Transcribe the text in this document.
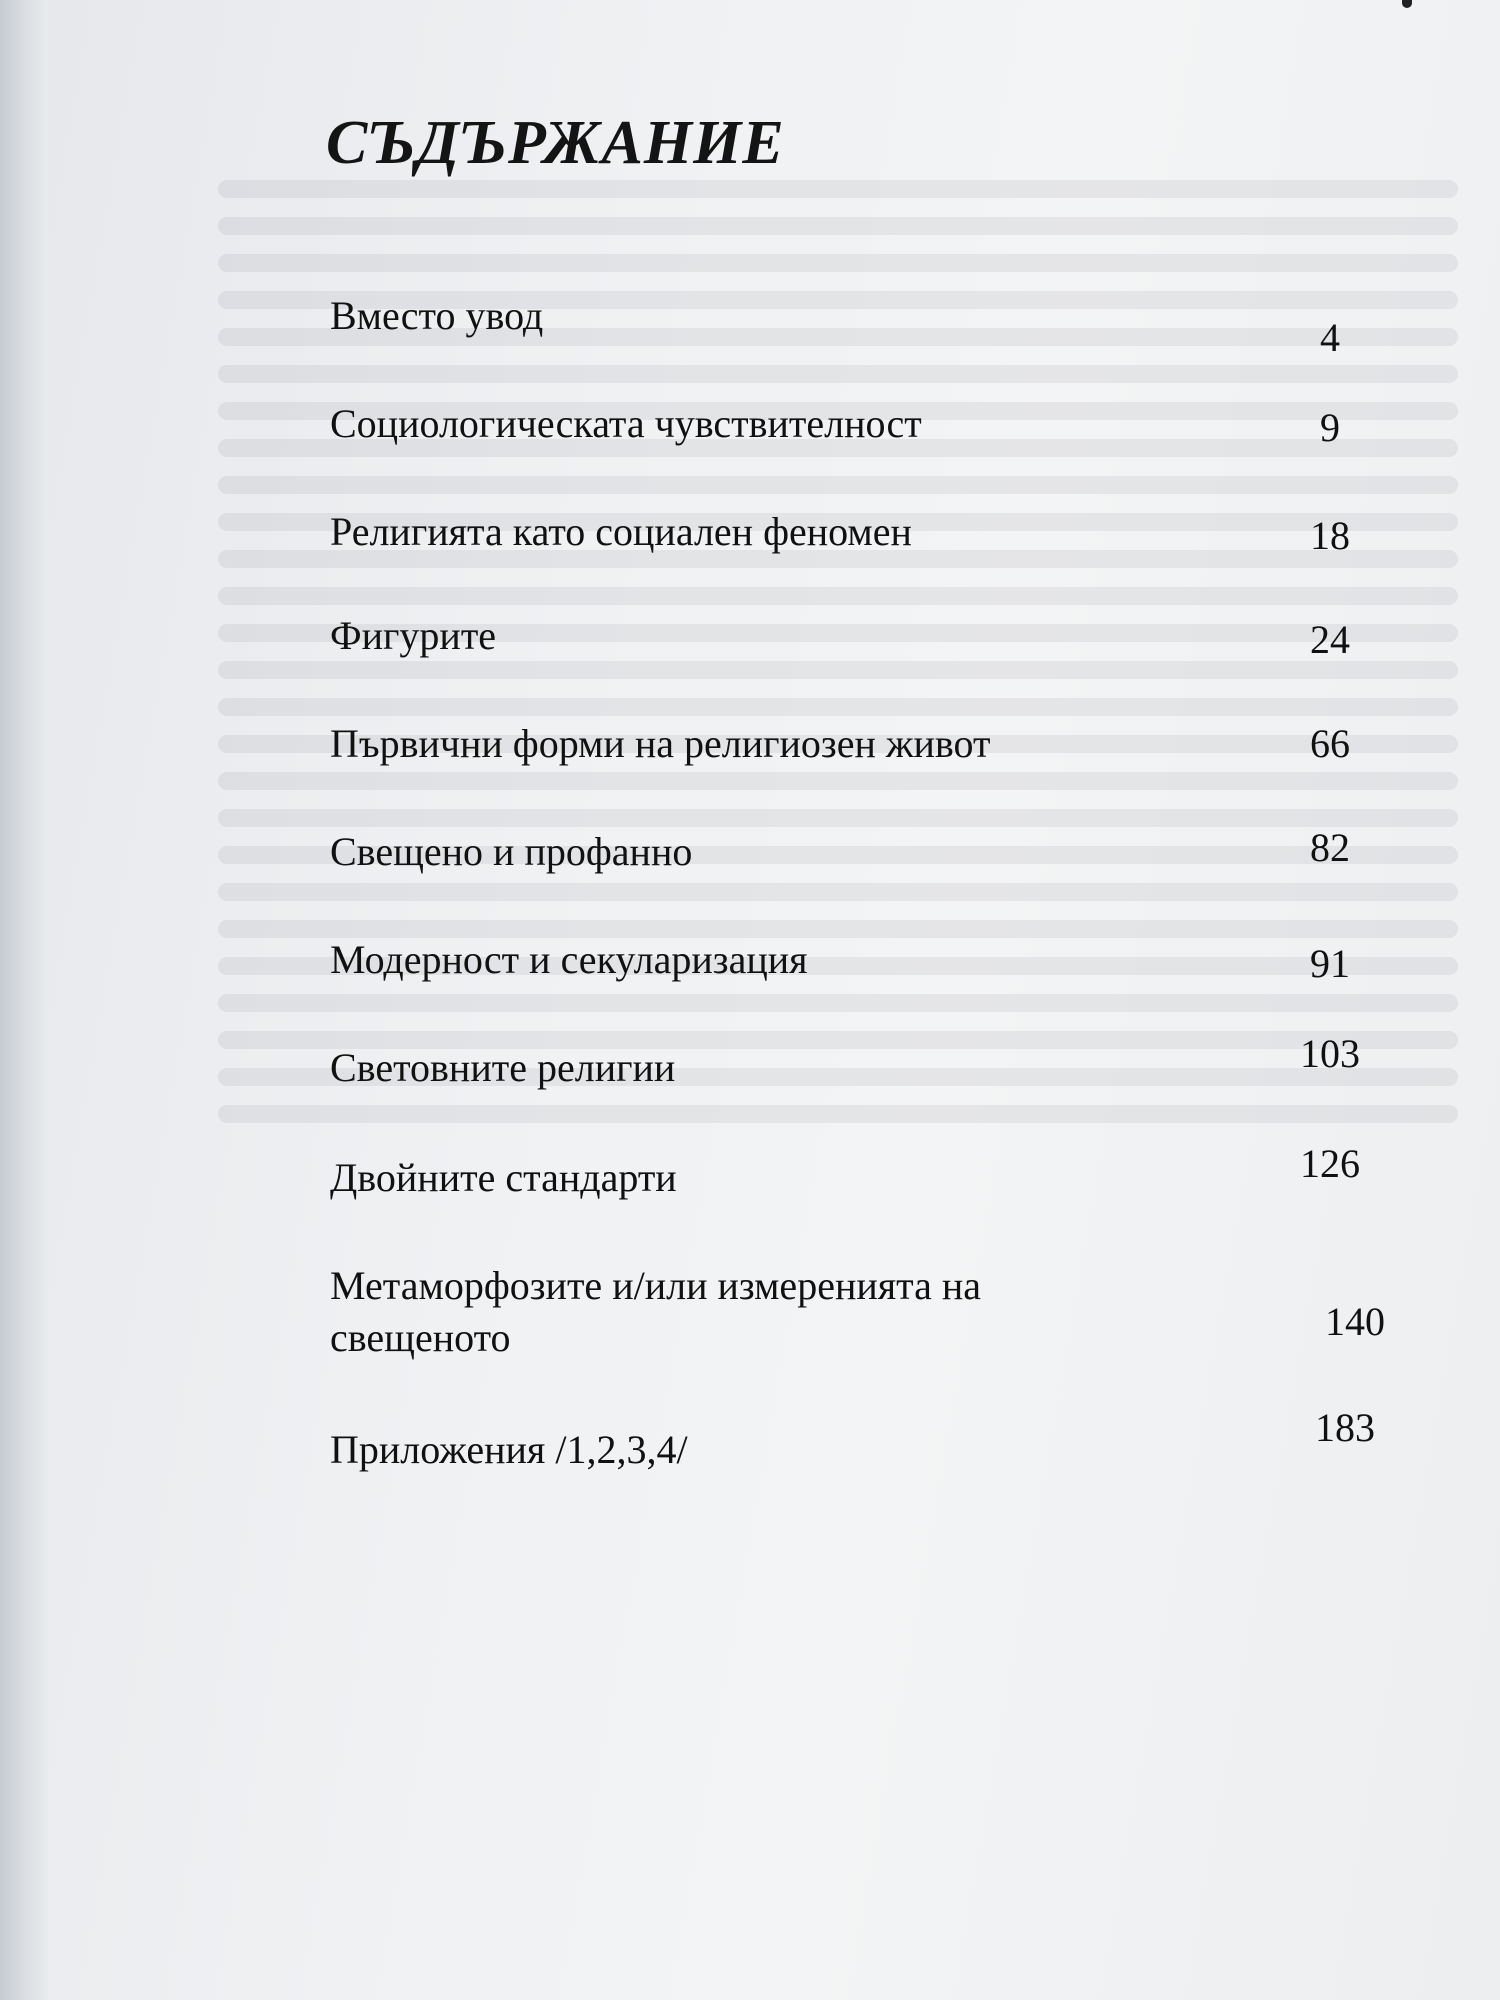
СЪДЪРЖАНИЕ
Вместо увод	4
Социологическата чувствителност	9
Религията като социален феномен	18
Фигурите	24
Първични форми на религиозен живот	66
Свещено и профанно	82
Модерност и секуларизация	91
Световните религии	103
Двойните стандарти	126
Метаморфозите и/или измеренията на свещеното	140
Приложения /1,2,3,4/	183
